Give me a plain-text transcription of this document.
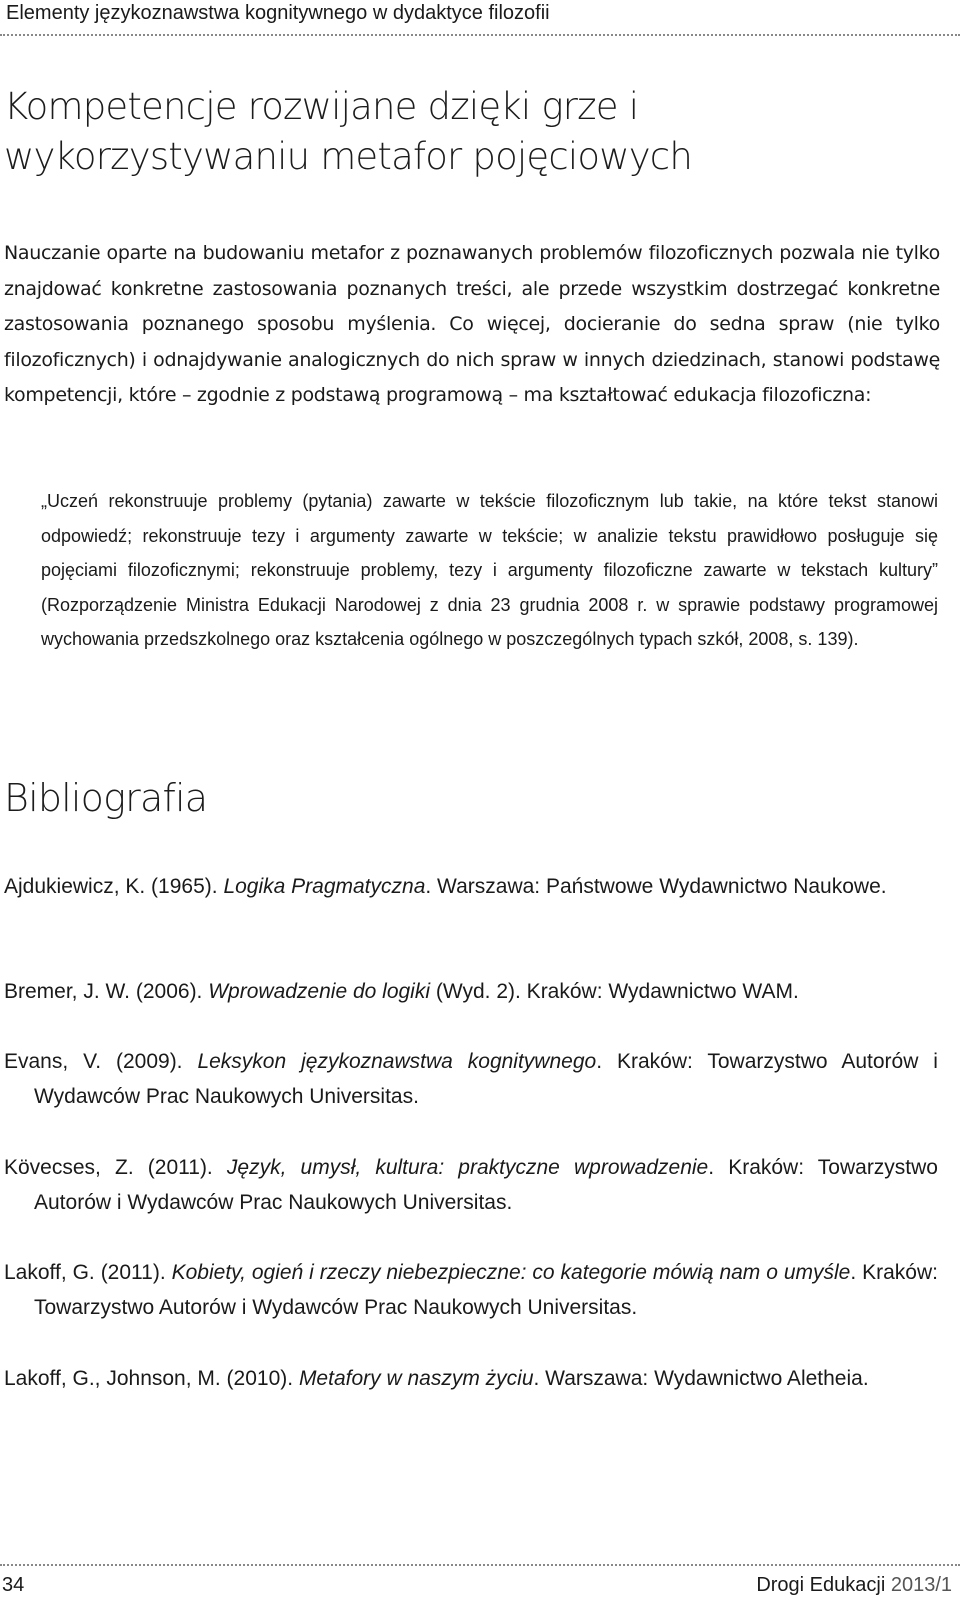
Elementy językoznawstwa kognitywnego w dydaktyce filozofii
Kompetencje rozwijane dzięki grze i wykorzystywaniu metafor pojęciowych

Nauczanie oparte na budowaniu metafor z poznawanych problemów filozoficznych pozwala nie tylko znajdować konkretne zastosowania poznanych treści, ale przede wszystkim dostrzegać konkretne zastosowania poznanego sposobu myślenia. Co więcej, docieranie do sedna spraw (nie tylko filozoficznych) i odnajdywanie analogicznych do nich spraw w innych dziedzinach, stanowi podstawę kompetencji, które – zgodnie z podstawą programową – ma kształtować edukacja filozoficzna:

„Uczeń rekonstruuje problemy (pytania) zawarte w tekście filozoficznym lub takie, na które tekst stanowi odpowiedź; rekonstruuje tezy i argumenty zawarte w tekście; w analizie tekstu prawidłowo posługuje się pojęciami filozoficznymi; rekonstruuje problemy, tezy i argumenty filozoficzne zawarte w tekstach kultury” (Rozporządzenie Ministra Edukacji Narodowej z dnia 23 grudnia 2008 r. w sprawie podstawy programowej wychowania przedszkolnego oraz kształcenia ogólnego w poszczególnych typach szkół, 2008, s. 139).

Bibliografia

Ajdukiewicz, K. (1965). Logika Pragmatyczna. Warszawa: Państwowe Wydawnictwo Naukowe.

Bremer, J. W. (2006). Wprowadzenie do logiki (Wyd. 2). Kraków: Wydawnictwo WAM.

Evans, V. (2009). Leksykon językoznawstwa kognitywnego. Kraków: Towarzystwo Autorów i Wydawców Prac Naukowych Universitas.

Kövecses, Z. (2011). Język, umysł, kultura: praktyczne wprowadzenie. Kraków: Towarzystwo Autorów i Wydawców Prac Naukowych Universitas.

Lakoff, G. (2011). Kobiety, ogień i rzeczy niebezpieczne: co kategorie mówią nam o umyśle. Kraków: Towarzystwo Autorów i Wydawców Prac Naukowych Universitas.

Lakoff, G., Johnson, M. (2010). Metafory w naszym życiu. Warszawa: Wydawnictwo Aletheia.

34	Drogi Edukacji 2013/1
